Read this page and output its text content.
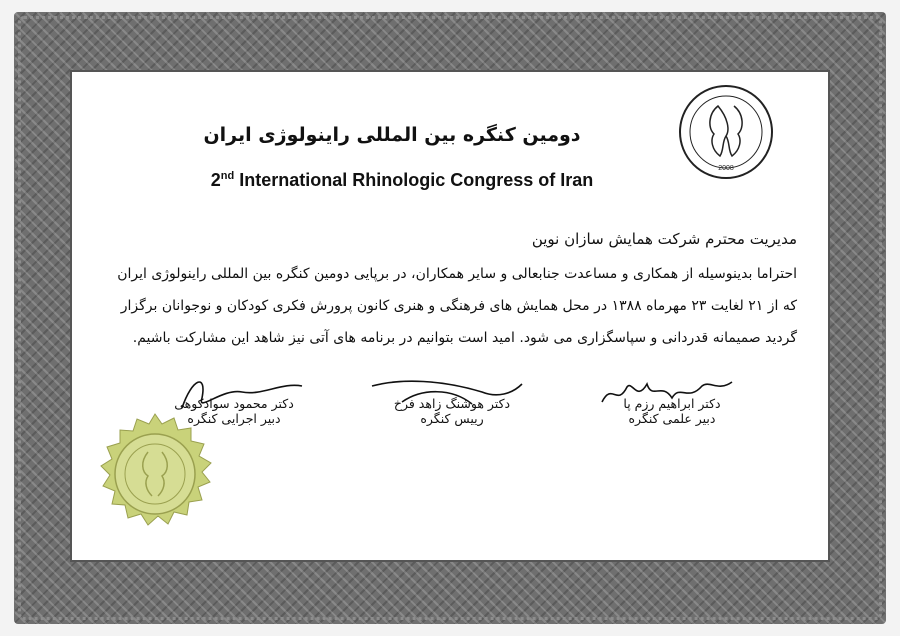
2008
دومین کنگره بین المللی راینولوژی ایران
2nd International Rhinologic Congress of Iran
مدیریت محترم شرکت همایش سازان نوین
احتراما بدینوسیله از همکاری و مساعدت جنابعالی و سایر همکاران، در برپایی دومین کنگره بین المللی راینولوژی ایران
که از ۲۱ لغایت ۲۳ مهرماه ۱۳۸۸ در محل همایش های فرهنگی و هنری کانون پرورش فکری کودکان و نوجوانان برگزار
گردید صمیمانه قدردانی و سپاسگزاری می شود. امید است بتوانیم در برنامه های آتی نیز شاهد این مشارکت باشیم.
دکتر ابراهیم رزم پا
دبیر علمی کنگره
دکتر هوشنگ زاهد فرخ
رییس کنگره
دکتر محمود سوادکوهی
دبیر اجرایی کنگره
